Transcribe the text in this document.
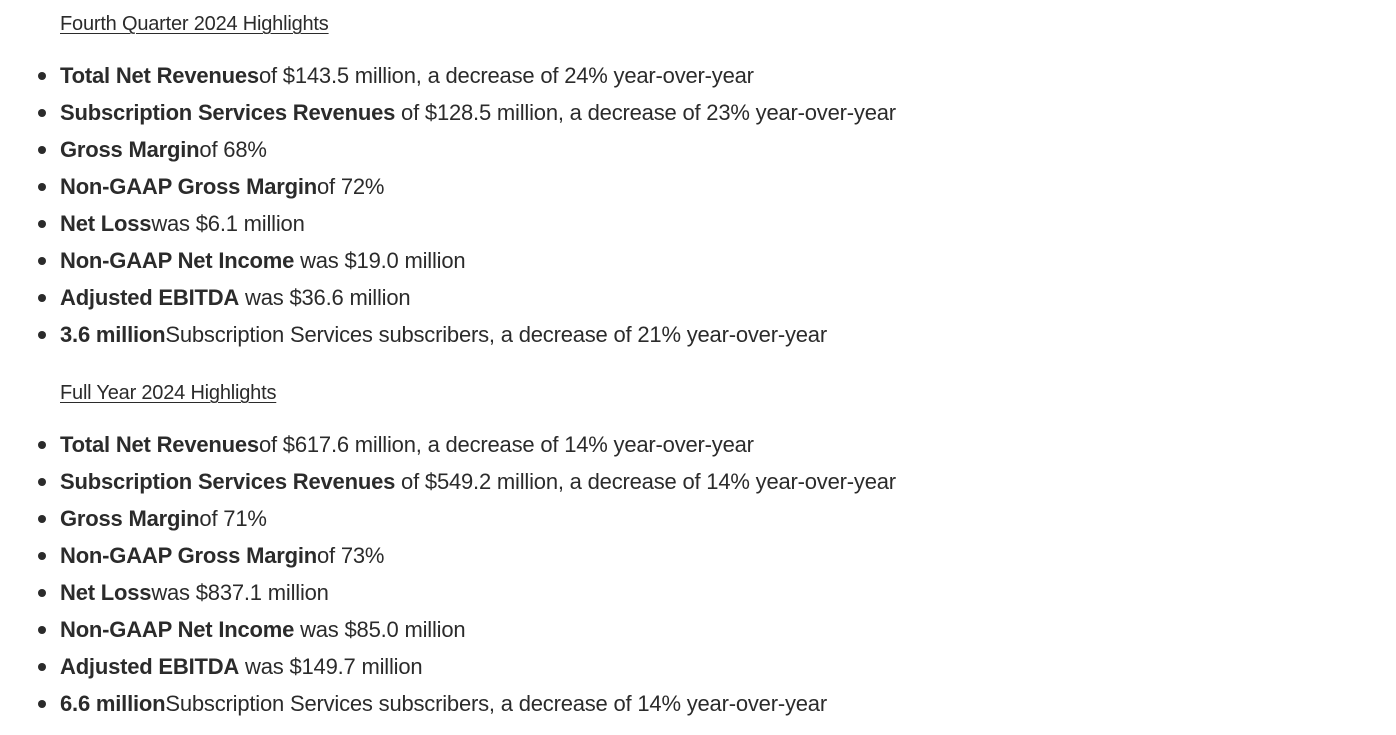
Fourth Quarter 2024 Highlights
Total Net Revenuesof $143.5 million, a decrease of 24% year-over-year
Subscription Services Revenues of $128.5 million, a decrease of 23% year-over-year
Gross Marginof 68%
Non-GAAP Gross Marginof 72%
Net Losswas $6.1 million
Non-GAAP Net Income was $19.0 million
Adjusted EBITDA was $36.6 million
3.6 millionSubscription Services subscribers, a decrease of 21% year-over-year
Full Year 2024 Highlights
Total Net Revenuesof $617.6 million, a decrease of 14% year-over-year
Subscription Services Revenues of $549.2 million, a decrease of 14% year-over-year
Gross Marginof 71%
Non-GAAP Gross Marginof 73%
Net Losswas $837.1 million
Non-GAAP Net Income was $85.0 million
Adjusted EBITDA was $149.7 million
6.6 millionSubscription Services subscribers, a decrease of 14% year-over-year
